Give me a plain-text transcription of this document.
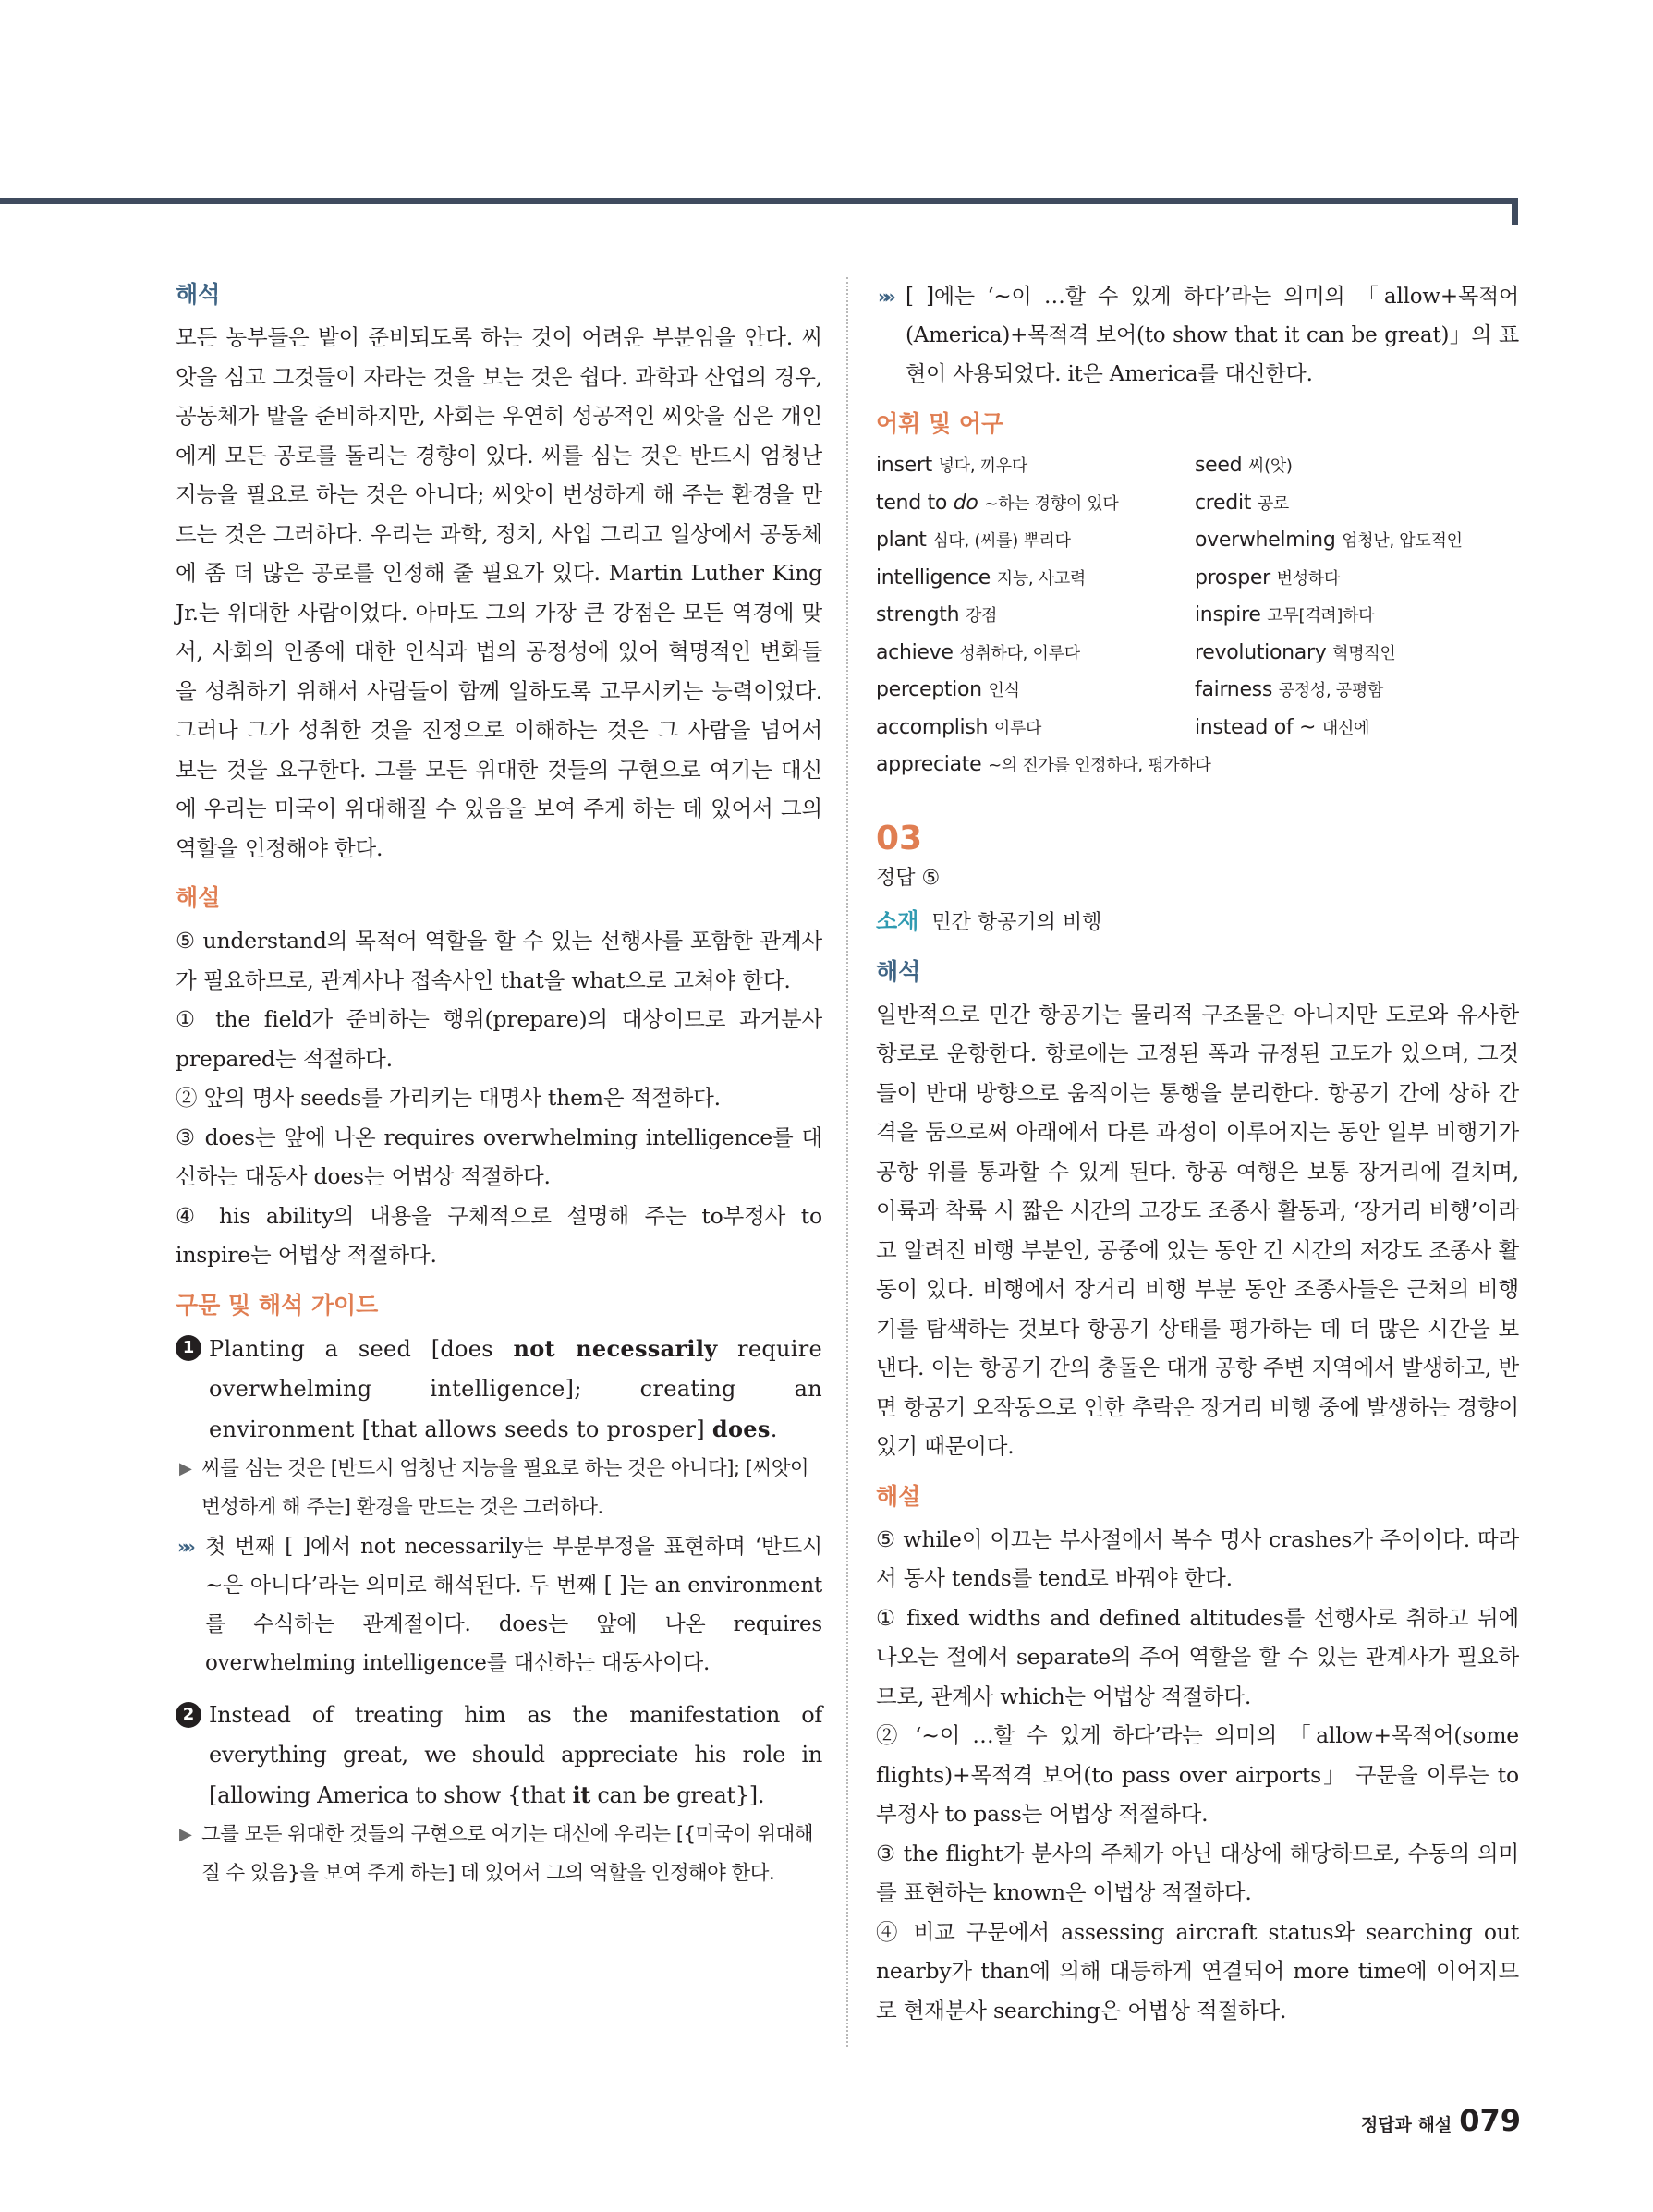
해석

모든 농부들은 밭이 준비되도록 하는 것이 어려운 부분임을 안다. 씨앗을 심고 그것들이 자라는 것을 보는 것은 쉽다. 과학과 산업의 경우, 공동체가 밭을 준비하지만, 사회는 우연히 성공적인 씨앗을 심은 개인에게 모든 공로를 돌리는 경향이 있다. 씨를 심는 것은 반드시 엄청난 지능을 필요로 하는 것은 아니다; 씨앗이 번성하게 해 주는 환경을 만드는 것은 그러하다. 우리는 과학, 정치, 사업 그리고 일상에서 공동체에 좀 더 많은 공로를 인정해 줄 필요가 있다. Martin Luther King Jr.는 위대한 사람이었다. 아마도 그의 가장 큰 강점은 모든 역경에 맞서, 사회의 인종에 대한 인식과 법의 공정성에 있어 혁명적인 변화들을 성취하기 위해서 사람들이 함께 일하도록 고무시키는 능력이었다. 그러나 그가 성취한 것을 진정으로 이해하는 것은 그 사람을 넘어서 보는 것을 요구한다. 그를 모든 위대한 것들의 구현으로 여기는 대신에 우리는 미국이 위대해질 수 있음을 보여 주게 하는 데 있어서 그의 역할을 인정해야 한다.

해설

⑤ understand의 목적어 역할을 할 수 있는 선행사를 포함한 관계사가 필요하므로, 관계사나 접속사인 that을 what으로 고쳐야 한다.

① the field가 준비하는 행위(prepare)의 대상이므로 과거분사 prepared는 적절하다.

② 앞의 명사 seeds를 가리키는 대명사 them은 적절하다.

③ does는 앞에 나온 requires overwhelming intelligence를 대신하는 대동사 does는 어법상 적절하다.

④ his ability의 내용을 구체적으로 설명해 주는 to부정사 to inspire는 어법상 적절하다.

구문 및 해석 가이드
1 Planting a seed [does not necessarily require overwhelming intelligence]; creating an environment [that allows seeds to prosper] does.
▶ 씨를 심는 것은 [반드시 엄청난 지능을 필요로 하는 것은 아니다]; [씨앗이 번성하게 해 주는] 환경을 만드는 것은 그러하다.
»» 첫 번째 [ ]에서 not necessarily는 부분부정을 표현하며 ‘반드시 ~은 아니다’라는 의미로 해석된다. 두 번째 [ ]는 an environment를 수식하는 관계절이다. does는 앞에 나온 requires overwhelming intelligence를 대신하는 대동사이다.
2 Instead of treating him as the manifestation of everything great, we should appreciate his role in [allowing America to show {that it can be great}].
▶ 그를 모든 위대한 것들의 구현으로 여기는 대신에 우리는 [{미국이 위대해질 수 있음}을 보여 주게 하는] 데 있어서 그의 역할을 인정해야 한다.
»» [ ]에는 ‘~이 …할 수 있게 하다’라는 의미의 「allow+목적어(America)+목적격 보어(to show that it can be great)」의 표현이 사용되었다. it은 America를 대신한다.
어휘 및 어구
insert 넣다, 끼우다	seed 씨(앗)
tend to do ~하는 경향이 있다	credit 공로
plant 심다, (씨를) 뿌리다	overwhelming 엄청난, 압도적인
intelligence 지능, 사고력	prosper 번성하다
strength 강점	inspire 고무[격려]하다
achieve 성취하다, 이루다	revolutionary 혁명적인
perception 인식	fairness 공정성, 공평함
accomplish 이루다	instead of ~ 대신에
appreciate ~의 진가를 인정하다, 평가하다
03
정답 ⑤
소재 민간 항공기의 비행
해석

일반적으로 민간 항공기는 물리적 구조물은 아니지만 도로와 유사한 항로로 운항한다. 항로에는 고정된 폭과 규정된 고도가 있으며, 그것들이 반대 방향으로 움직이는 통행을 분리한다. 항공기 간에 상하 간격을 둠으로써 아래에서 다른 과정이 이루어지는 동안 일부 비행기가 공항 위를 통과할 수 있게 된다. 항공 여행은 보통 장거리에 걸치며, 이륙과 착륙 시 짧은 시간의 고강도 조종사 활동과, ‘장거리 비행’이라고 알려진 비행 부분인, 공중에 있는 동안 긴 시간의 저강도 조종사 활동이 있다. 비행에서 장거리 비행 부분 동안 조종사들은 근처의 비행기를 탐색하는 것보다 항공기 상태를 평가하는 데 더 많은 시간을 보낸다. 이는 항공기 간의 충돌은 대개 공항 주변 지역에서 발생하고, 반면 항공기 오작동으로 인한 추락은 장거리 비행 중에 발생하는 경향이 있기 때문이다.

해설

⑤ while이 이끄는 부사절에서 복수 명사 crashes가 주어이다. 따라서 동사 tends를 tend로 바꿔야 한다.

① fixed widths and defined altitudes를 선행사로 취하고 뒤에 나오는 절에서 separate의 주어 역할을 할 수 있는 관계사가 필요하므로, 관계사 which는 어법상 적절하다.

② ‘~이 …할 수 있게 하다’라는 의미의 「allow+목적어(some flights)+목적격 보어(to pass over airports」 구문을 이루는 to부정사 to pass는 어법상 적절하다.

③ the flight가 분사의 주체가 아닌 대상에 해당하므로, 수동의 의미를 표현하는 known은 어법상 적절하다.

④ 비교 구문에서 assessing aircraft status와 searching out nearby가 than에 의해 대등하게 연결되어 more time에 이어지므로 현재분사 searching은 어법상 적절하다.

정답과 해설 079
